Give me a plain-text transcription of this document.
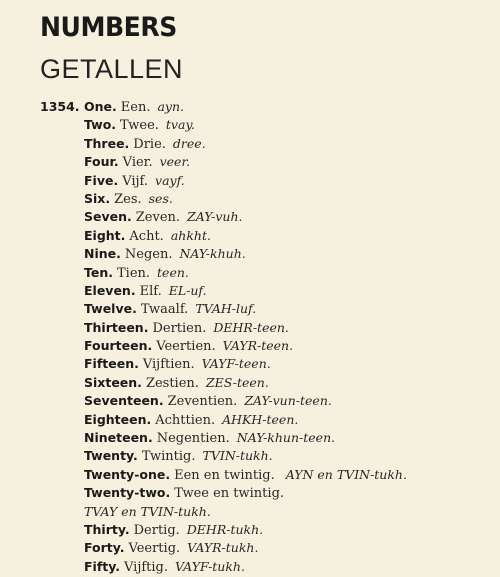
NUMBERS
GETALLEN
1354. One. Een. ayn.
Two. Twee. tvay.
Three. Drie. dree.
Four. Vier. veer.
Five. Vijf. vayf.
Six. Zes. ses.
Seven. Zeven. ZAY-vuh.
Eight. Acht. ahkht.
Nine. Negen. NAY-khuh.
Ten. Tien. teen.
Eleven. Elf. EL-uf.
Twelve. Twaalf. TVAH-luf.
Thirteen. Dertien. DEHR-teen.
Fourteen. Veertien. VAYR-teen.
Fifteen. Vijftien. VAYF-teen.
Sixteen. Zestien. ZES-teen.
Seventeen. Zeventien. ZAY-vun-teen.
Eighteen. Achttien. AHKH-teen.
Nineteen. Negentien. NAY-khun-teen.
Twenty. Twintig. TVIN-tukh.
Twenty-one. Een en twintig. AYN en TVIN-tukh.
Twenty-two. Twee en twintig.
TVAY en TVIN-tukh.
Thirty. Dertig. DEHR-tukh.
Forty. Veertig. VAYR-tukh.
Fifty. Vijftig. VAYF-tukh.
